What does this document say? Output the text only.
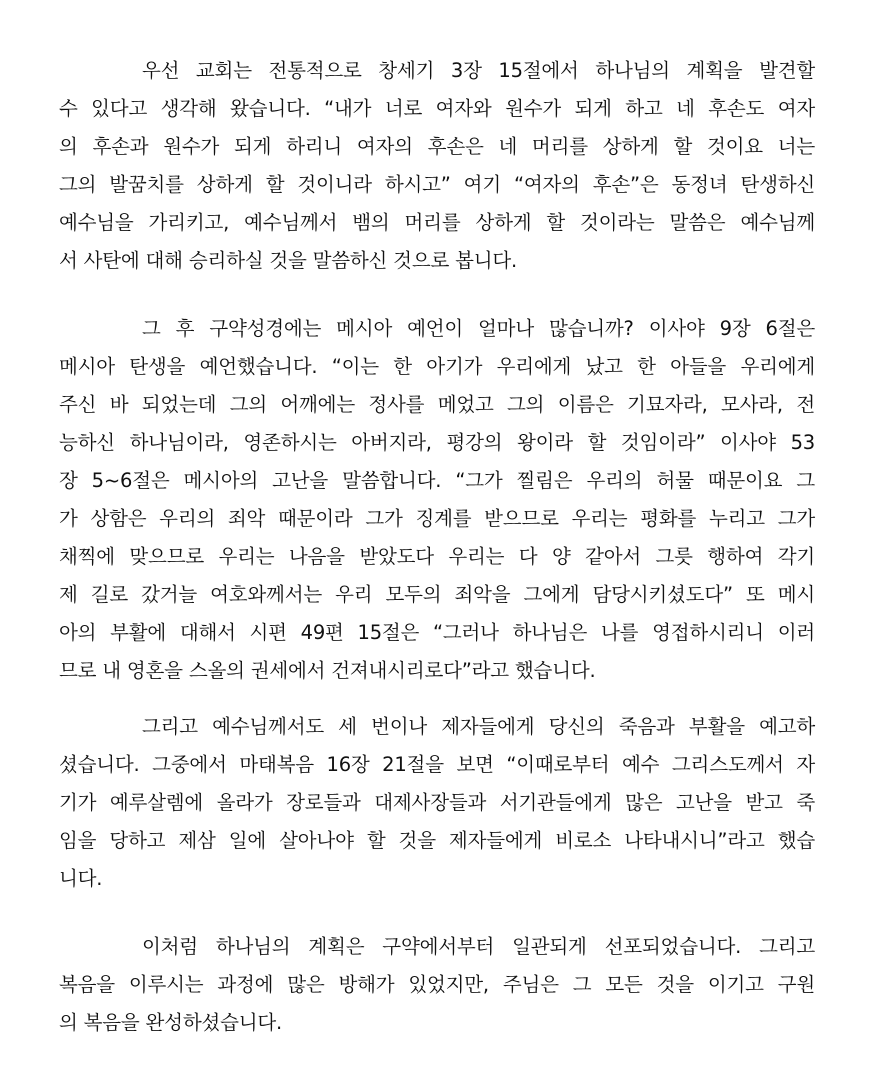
우선 교회는 전통적으로 창세기 3장 15절에서 하나님의 계획을 발견할
수 있다고 생각해 왔습니다. “내가 너로 여자와 원수가 되게 하고 네 후손도 여자
의 후손과 원수가 되게 하리니 여자의 후손은 네 머리를 상하게 할 것이요 너는
그의 발꿈치를 상하게 할 것이니라 하시고” 여기 “여자의 후손”은 동정녀 탄생하신
예수님을 가리키고, 예수님께서 뱀의 머리를 상하게 할 것이라는 말씀은 예수님께
서 사탄에 대해 승리하실 것을 말씀하신 것으로 봅니다.
그 후 구약성경에는 메시아 예언이 얼마나 많습니까? 이사야 9장 6절은
메시아 탄생을 예언했습니다. “이는 한 아기가 우리에게 났고 한 아들을 우리에게
주신 바 되었는데 그의 어깨에는 정사를 메었고 그의 이름은 기묘자라, 모사라, 전
능하신 하나님이라, 영존하시는 아버지라, 평강의 왕이라 할 것임이라” 이사야 53
장 5~6절은 메시아의 고난을 말씀합니다. “그가 찔림은 우리의 허물 때문이요 그
가 상함은 우리의 죄악 때문이라 그가 징계를 받으므로 우리는 평화를 누리고 그가
채찍에 맞으므로 우리는 나음을 받았도다 우리는 다 양 같아서 그릇 행하여 각기
제 길로 갔거늘 여호와께서는 우리 모두의 죄악을 그에게 담당시키셨도다” 또 메시
아의 부활에 대해서 시편 49편 15절은 “그러나 하나님은 나를 영접하시리니 이러
므로 내 영혼을 스올의 권세에서 건져내시리로다”라고 했습니다.
그리고 예수님께서도 세 번이나 제자들에게 당신의 죽음과 부활을 예고하
셨습니다. 그중에서 마태복음 16장 21절을 보면 “이때로부터 예수 그리스도께서 자
기가 예루살렘에 올라가 장로들과 대제사장들과 서기관들에게 많은 고난을 받고 죽
임을 당하고 제삼 일에 살아나야 할 것을 제자들에게 비로소 나타내시니”라고 했습
니다.
이처럼 하나님의 계획은 구약에서부터 일관되게 선포되었습니다. 그리고
복음을 이루시는 과정에 많은 방해가 있었지만, 주님은 그 모든 것을 이기고 구원
의 복음을 완성하셨습니다.
